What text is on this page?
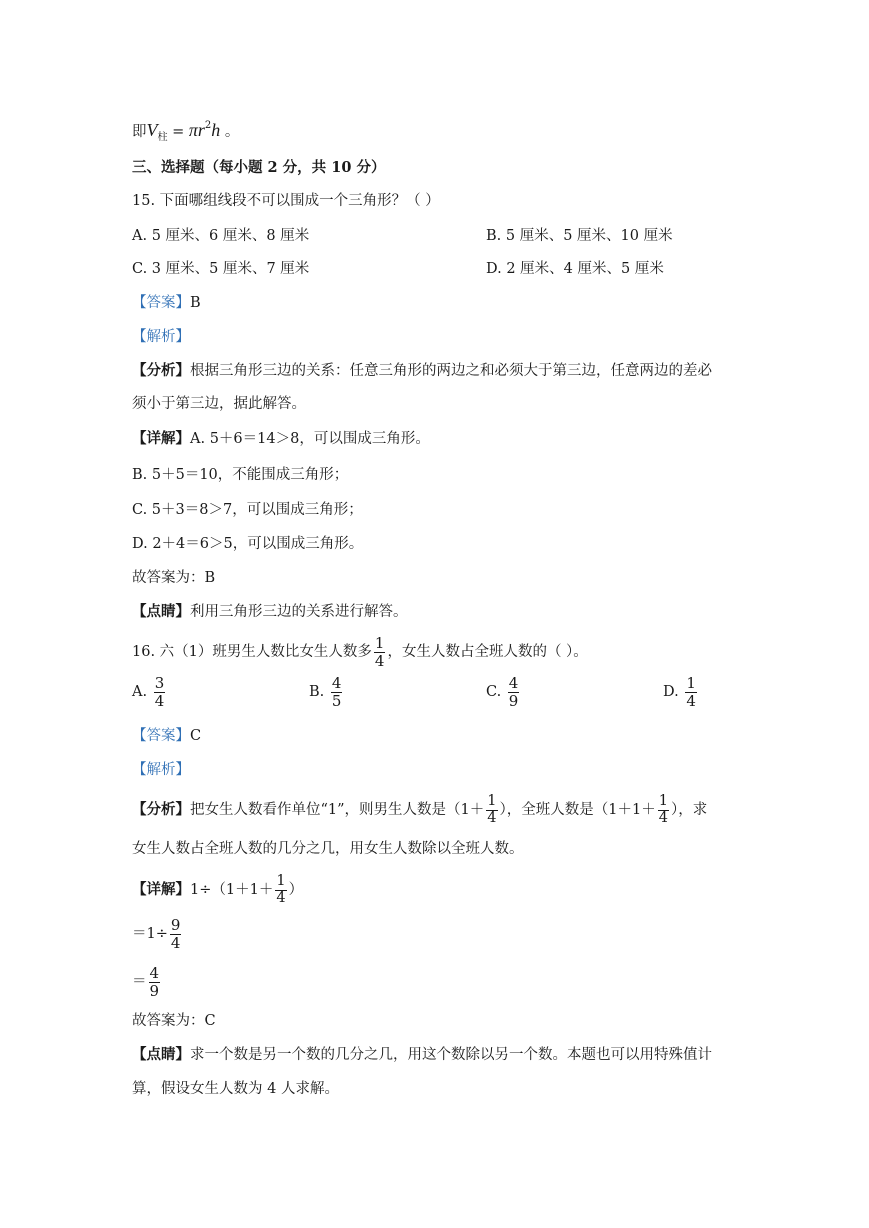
即$V_柱 = \pi r^2h$ 。
三、选择题（每小题 2 分，共 10 分）
15. 下面哪组线段不可以围成一个三角形？（ ）
A. 5 厘米、6 厘米、8 厘米	B. 5 厘米、5 厘米、10 厘米
C. 3 厘米、5 厘米、7 厘米	D. 2 厘米、4 厘米、5 厘米
【答案】B
【解析】
【分析】根据三角形三边的关系：任意三角形的两边之和必须大于第三边，任意两边的差必
须小于第三边，据此解答。
【详解】A. 5＋6＝14＞8，可以围成三角形。
B. 5＋5＝10，不能围成三角形；
C. 5＋3＝8＞7，可以围成三角形；
D. 2＋4＝6＞5，可以围成三角形。
故答案为：B
【点睛】利用三角形三边的关系进行解答。
16. 六（1）班男生人数比女生人数多 $\frac{1}{4}$ ，女生人数占全班人数的（ ）。
A. $\frac{3}{4}$	B. $\frac{4}{5}$	C. $\frac{4}{9}$	D. $\frac{1}{4}$
【答案】C
【解析】
【分析】把女生人数看作单位“1”，则男生人数是（$1+ \frac{1}{4}$ ），全班人数是（$1+1+ \frac{1}{4}$ ），求
女生人数占全班人数的几分之几，用女生人数除以全班人数。
【详解】$1\div(1+1+ \frac{1}{4}$ ）
$=1\div \frac{9}{4}$
＝ $\frac{4}{9}$
故答案为：C
【点睛】求一个数是另一个数的几分之几，用这个数除以另一个数。本题也可以用特殊值计
算，假设女生人数为 4 人求解。
